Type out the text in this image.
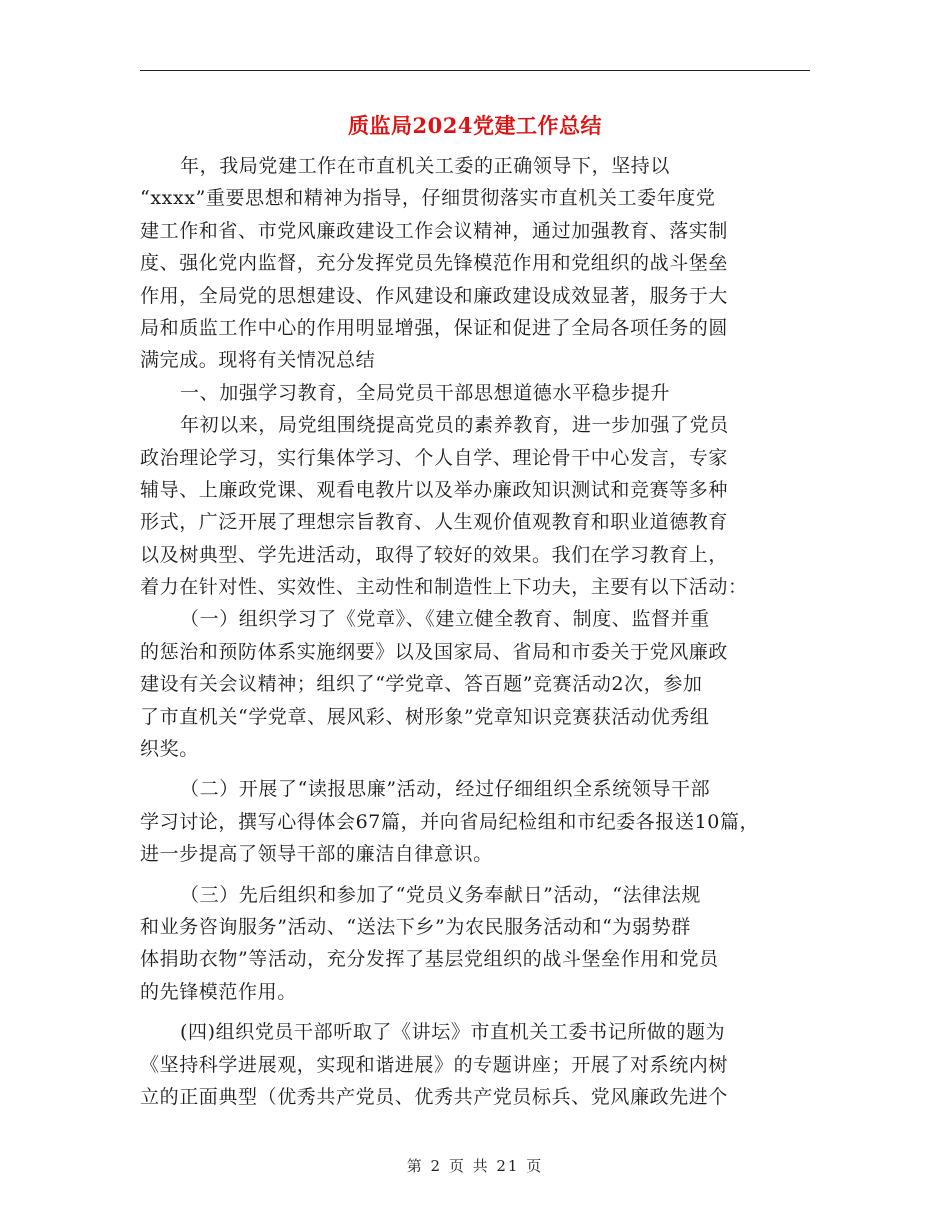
质监局2024党建工作总结
年，我局党建工作在市直机关工委的正确领导下，坚持以
“xxxx”重要思想和精神为指导，仔细贯彻落实市直机关工委年度党
建工作和省、市党风廉政建设工作会议精神，通过加强教育、落实制
度、强化党内监督，充分发挥党员先锋模范作用和党组织的战斗堡垒
作用，全局党的思想建设、作风建设和廉政建设成效显著，服务于大
局和质监工作中心的作用明显增强，保证和促进了全局各项任务的圆
满完成。现将有关情况总结
一、加强学习教育，全局党员干部思想道德水平稳步提升
年初以来，局党组围绕提高党员的素养教育，进一步加强了党员
政治理论学习，实行集体学习、个人自学、理论骨干中心发言，专家
辅导、上廉政党课、观看电教片以及举办廉政知识测试和竞赛等多种
形式，广泛开展了理想宗旨教育、人生观价值观教育和职业道德教育
以及树典型、学先进活动，取得了较好的效果。我们在学习教育上，
着力在针对性、实效性、主动性和制造性上下功夫，主要有以下活动：
（一）组织学习了《党章》、《建立健全教育、制度、监督并重
的惩治和预防体系实施纲要》以及国家局、省局和市委关于党风廉政
建设有关会议精神；组织了“学党章、答百题”竞赛活动2次，参加
了市直机关“学党章、展风彩、树形象”党章知识竞赛获活动优秀组
织奖。
（二）开展了“读报思廉”活动，经过仔细组织全系统领导干部
学习讨论，撰写心得体会67篇，并向省局纪检组和市纪委各报送10篇，
进一步提高了领导干部的廉洁自律意识。
（三）先后组织和参加了“党员义务奉献日”活动，“法律法规
和业务咨询服务”活动、“送法下乡”为农民服务活动和“为弱势群
体捐助衣物”等活动，充分发挥了基层党组织的战斗堡垒作用和党员
的先锋模范作用。
(四)组织党员干部听取了《讲坛》市直机关工委书记所做的题为
《坚持科学进展观，实现和谐进展》的专题讲座；开展了对系统内树
立的正面典型（优秀共产党员、优秀共产党员标兵、党风廉政先进个
第 2 页 共 21 页
